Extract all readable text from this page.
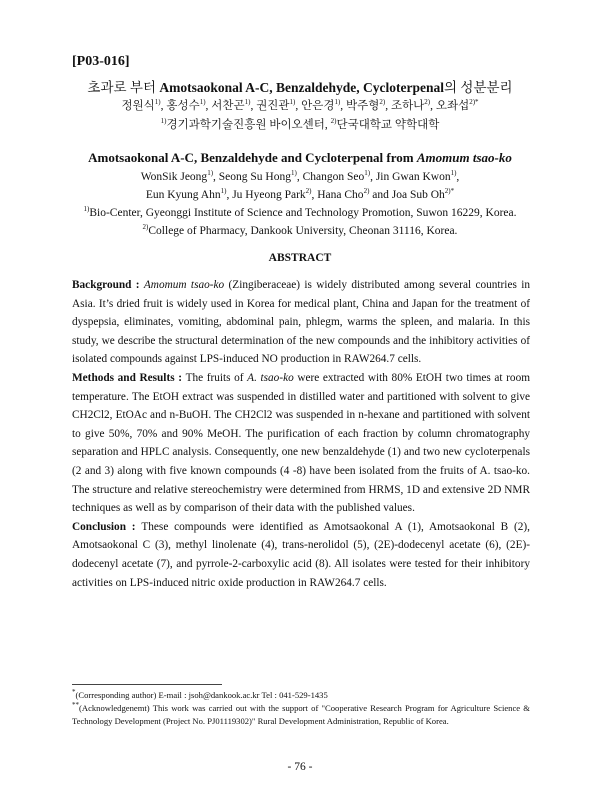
[P03-016]
초과로 부터 Amotsaokonal A-C, Benzaldehyde, Cycloterpenal의 성분분리
정원식$^{1)}$, 홍성수$^{1)}$, 서찬곤$^{1)}$, 권진관$^{1)}$, 안은경$^{1)}$, 박주형$^{2)}$, 조하나$^{2)}$, 오좌섭$^{2)*}$
$^{1)}$경기과학기술진흥원 바이오센터, $^{2)}$단국대학교 약학대학
Amotsaokonal A-C, Benzaldehyde and Cycloterpenal from Amomum tsao-ko
WonSik Jeong$^{1)}$, Seong Su Hong$^{1)}$, Changon Seo$^{1)}$, Jin Gwan Kwon$^{1)}$,
Eun Kyung Ahn$^{1)}$, Ju Hyeong Park$^{2)}$, Hana Cho$^{2)}$ and Joa Sub $Oh^{2)*}$
$^{1)}$Bio-Center, Gyeonggi Institute of Science and Technology Promotion, Suwon 16229, Korea.
$^{2)}$College of Pharmacy, Dankook University, Cheonan 31116, Korea.
ABSTRACT

Background : Amomum tsao-ko (Zingiberaceae) is widely distributed among several countries in Asia. It’s dried fruit is widely used in Korea for medical plant, China and Japan for the treatment of dyspepsia, eliminates, vomiting, abdominal pain, phlegm, warms the spleen, and malaria. In this study, we describe the structural determination of the new compounds and the inhibitory activities of isolated compounds against LPS-induced NO production in RAW264.7 cells.

Methods and Results : The fruits of A. tsao-ko were extracted with 80% EtOH two times at room temperature. The EtOH extract was suspended in distilled water and partitioned with solvent to give CH2Cl2, EtOAc and n-BuOH. The CH2Cl2 was suspended in n-hexane and partitioned with solvent to give 50%, 70% and 90% MeOH. The purification of each fraction by column chromatography separation and HPLC analysis. Consequently, one new benzaldehyde (1) and two new cycloterpenals (2 and 3) along with five known compounds (4 ‐8) have been isolated from the fruits of A. tsao-ko. The structure and relative stereochemistry were determined from HRMS, 1D and extensive 2D NMR techniques as well as by comparison of their data with the published values.

Conclusion : These compounds were identified as Amotsaokonal A (1), Amotsaokonal B (2), Amotsaokonal C (3), methyl linolenate (4), trans-nerolidol (5), (2E)-dodecenyl acetate (6), (2E)-dodecenyl acetate (7), and pyrrole-2-carboxylic acid (8). All isolates were tested for their inhibitory activities on LPS-induced nitric oxide production in RAW264.7 cells.

*(Corresponding author) E-mail : jsoh@dankook.ac.kr Tel : 041-529-1435
**(Acknowledgenemt) This work was carried out with the support of "Cooperative Research Program for Agriculture Science & Technology Development (Project No. PJ01119302)" Rural Development Administration, Republic of Korea.
- 76 -
